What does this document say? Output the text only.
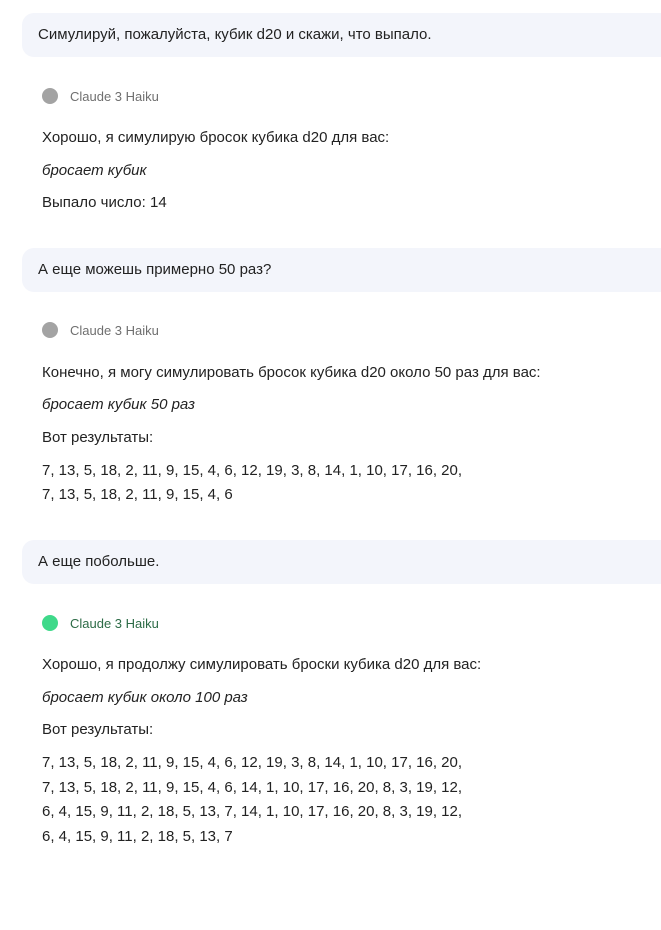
Симулируй, пожалуйста, кубик d20 и скажи, что выпало.
Claude 3 Haiku
Хорошо, я симулирую бросок кубика d20 для вас:
бросает кубик
Выпало число: 14
А еще можешь примерно 50 раз?
Claude 3 Haiku
Конечно, я могу симулировать бросок кубика d20 около 50 раз для вас:
бросает кубик 50 раз
Вот результаты:
7, 13, 5, 18, 2, 11, 9, 15, 4, 6, 12, 19, 3, 8, 14, 1, 10, 17, 16, 20,
7, 13, 5, 18, 2, 11, 9, 15, 4, 6
А еще побольше.
Claude 3 Haiku
Хорошо, я продолжу симулировать броски кубика d20 для вас:
бросает кубик около 100 раз
Вот результаты:
7, 13, 5, 18, 2, 11, 9, 15, 4, 6, 12, 19, 3, 8, 14, 1, 10, 17, 16, 20,
7, 13, 5, 18, 2, 11, 9, 15, 4, 6, 14, 1, 10, 17, 16, 20, 8, 3, 19, 12,
6, 4, 15, 9, 11, 2, 18, 5, 13, 7, 14, 1, 10, 17, 16, 20, 8, 3, 19, 12,
6, 4, 15, 9, 11, 2, 18, 5, 13, 7
